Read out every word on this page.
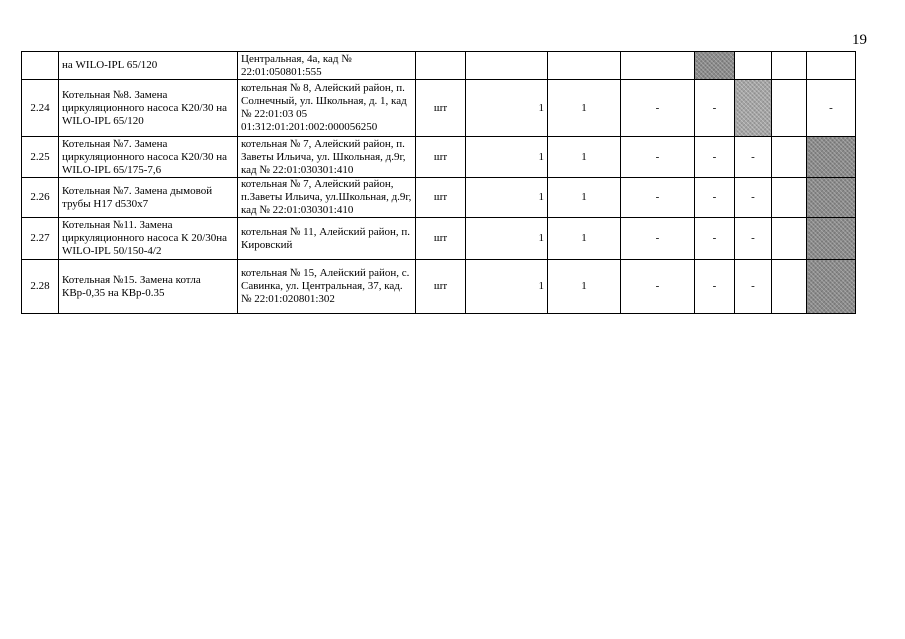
19
	на WILO-IPL 65/120	Центральная, 4а, кад № 22:01:050801:555								
2.24	Котельная №8. Замена циркуляционного насоса К20/30 на WILO-IPL 65/120	котельная № 8, Алейский район, п. Солнечный, ул. Школьная, д. 1, кад № 22:01:03 05 01:312:01:201:002:000056250	шт	1	1	-	-			-
2.25	Котельная №7. Замена циркуляционного насоса К20/30 на WILO-IPL 65/175-7,6	котельная № 7, Алейский район, п. Заветы Ильича, ул. Школьная, д.9г, кад № 22:01:030301:410	шт	1	1	-	-	-		
2.26	Котельная №7. Замена дымовой трубы Н17 d530x7	котельная № 7, Алейский район, п.Заветы Ильича, ул.Школьная, д.9г, кад № 22:01:030301:410	шт	1	1	-	-	-		
2.27	Котельная №11. Замена циркуляционного насоса К 20/30на WILO-IPL 50/150-4/2	котельная № 11, Алейский район, п. Кировский	шт	1	1	-	-	-		
2.28	Котельная №15. Замена котла КВр-0,35 на КВр-0.35	котельная № 15, Алейский район, с. Савинка, ул. Центральная, 37, кад. № 22:01:020801:302	шт	1	1	-	-	-		
